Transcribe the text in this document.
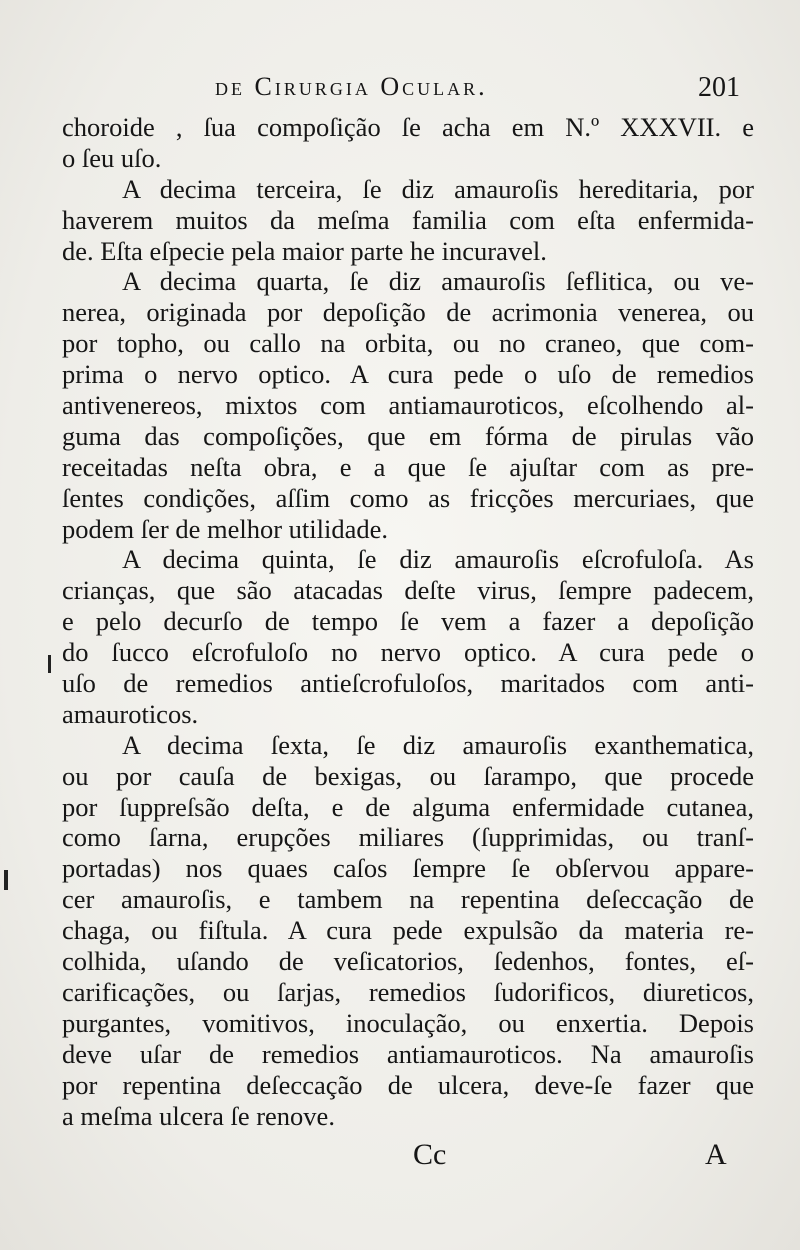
de Cirurgia Ocular.	201
choroide , ſua compoſição ſe acha em N.º XXXVII. e
o ſeu uſo.
A decima terceira, ſe diz amauroſis hereditaria, por
haverem muitos da meſma familia com eſta enfermida-
de. Eſta eſpecie pela maior parte he incuravel.
A decima quarta, ſe diz amauroſis ſeflitica, ou ve-
nerea, originada por depoſição de acrimonia venerea, ou
por topho, ou callo na orbita, ou no craneo, que com-
prima o nervo optico. A cura pede o uſo de remedios
antivenereos, mixtos com antiamauroticos, eſcolhendo al-
guma das compoſições, que em fórma de pirulas vão
receitadas neſta obra, e a que ſe ajuſtar com as pre-
ſentes condições, aſſim como as fricções mercuriaes, que
podem ſer de melhor utilidade.
A decima quinta, ſe diz amauroſis eſcrofuloſa. As
crianças, que são atacadas deſte virus, ſempre padecem,
e pelo decurſo de tempo ſe vem a fazer a depoſição
do ſucco eſcrofuloſo no nervo optico. A cura pede o
uſo de remedios antieſcrofuloſos, maritados com anti-
amauroticos.
A decima ſexta, ſe diz amauroſis exanthematica,
ou por cauſa de bexigas, ou ſarampo, que procede
por ſuppreſsão deſta, e de alguma enfermidade cutanea,
como ſarna, erupções miliares (ſupprimidas, ou tranſ-
portadas) nos quaes caſos ſempre ſe obſervou appare-
cer amauroſis, e tambem na repentina deſeccação de
chaga, ou fiſtula. A cura pede expulsão da materia re-
colhida, uſando de veſicatorios, ſedenhos, fontes, eſ-
carificações, ou ſarjas, remedios ſudorificos, diureticos,
purgantes, vomitivos, inoculação, ou enxertia. Depois
deve uſar de remedios antiamauroticos. Na amauroſis
por repentina deſeccação de ulcera, deve-ſe fazer que
a meſma ulcera ſe renove.
Cc	A
